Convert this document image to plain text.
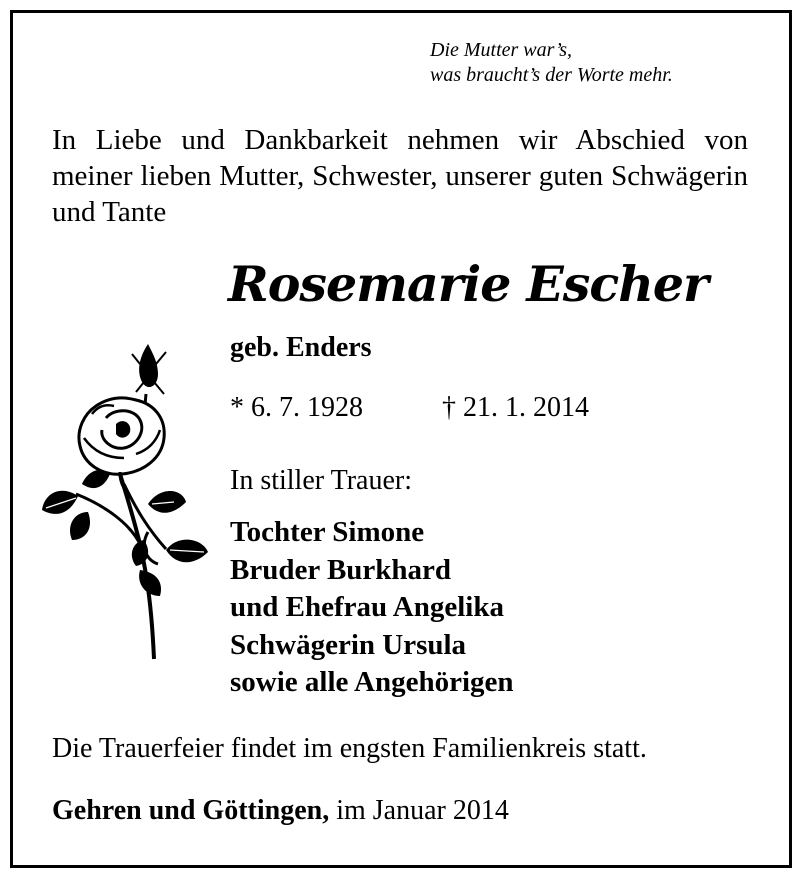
Die Mutter war’s,
was braucht’s der Worte mehr.
In Liebe und Dankbarkeit nehmen wir Abschied von meiner lieben Mutter, Schwester, unserer guten Schwägerin und Tante
Rosemarie Escher
geb. Enders
* 6. 7. 1928	† 21. 1. 2014
In stiller Trauer:
Tochter Simone
Bruder Burkhard
und Ehefrau Angelika
Schwägerin Ursula
sowie alle Angehörigen
Die Trauerfeier findet im engsten Familienkreis statt.
Gehren und Göttingen, im Januar 2014
